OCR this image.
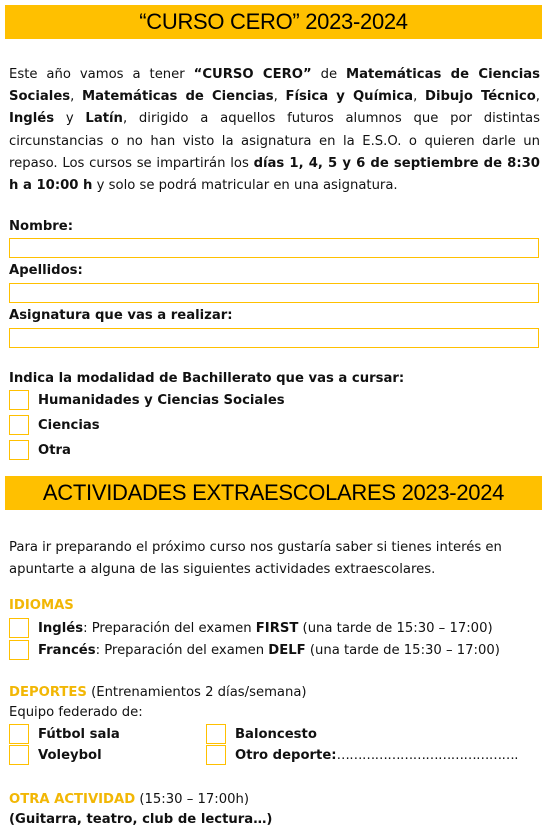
“CURSO CERO” 2023-2024
Este año vamos a tener “CURSO CERO” de Matemáticas de Ciencias Sociales, Matemáticas de Ciencias, Física y Química, Dibujo Técnico, Inglés y Latín, dirigido a aquellos futuros alumnos que por distintas circunstancias o no han visto la asignatura en la E.S.O. o quieren darle un repaso. Los cursos se impartirán los días 1, 4, 5 y 6 de septiembre de 8:30 h a 10:00 h y solo se podrá matricular en una asignatura.
Nombre:
Apellidos:
Asignatura que vas a realizar:
Indica la modalidad de Bachillerato que vas a cursar:
Humanidades y Ciencias Sociales
Ciencias
Otra
ACTIVIDADES EXTRAESCOLARES 2023-2024
Para ir preparando el próximo curso nos gustaría saber si tienes interés en apuntarte a alguna de las siguientes actividades extraescolares.
IDIOMAS
Inglés: Preparación del examen FIRST (una tarde de 15:30 – 17:00)
Francés: Preparación del examen DELF (una tarde de 15:30 – 17:00)
DEPORTES (Entrenamientos 2 días/semana)
Equipo federado de:
Fútbol sala	Baloncesto
Voleybol	Otro deporte: …………………………………….
OTRA ACTIVIDAD (15:30 – 17:00h)
(Guitarra, teatro, club de lectura…)
